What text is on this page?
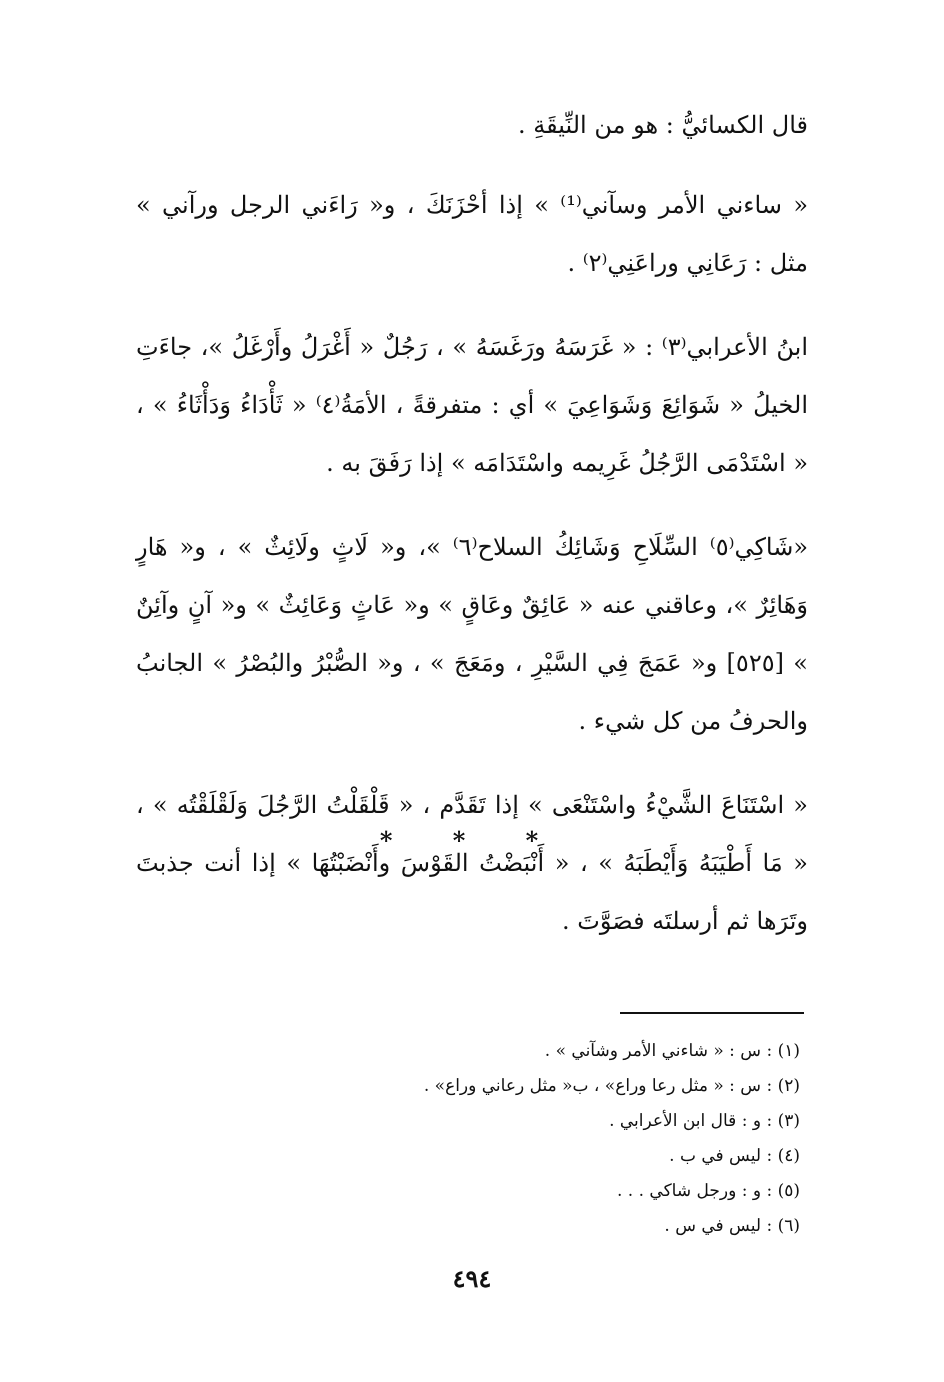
قال الكسائيُّ : هو من النِّيقَةِ .

« ساءني الأمر وسآني⁽¹⁾ » إذا أحْزَنَكَ ، و« رَاءَني الرجل ورآني » مثل : رَعَانِي وراعَنِي⁽٢⁾ .

ابنُ الأعرابي⁽٣⁾ : « غَرَسَهُ ورَغَسَهُ » ، رَجُلٌ « أَغْرَلُ وأَرْغَلُ »، جاءَتِ الخيلُ « شَوَائِعَ وَشَوَاعِيَ » أي : متفرقةً ، الأمَةُ⁽٤⁾ « ثَأْدَاءُ وَدَأْثَاءُ » ، « اسْتَدْمَى الرَّجُلُ غَرِيمه واسْتَدَامَه » إذا رَفَقَ به .

«شَاكِي⁽٥⁾ السِّلَاحِ وَشَائِكُ السلاح⁽٦⁾ »، و« لَاثٍ ولَائِثٌ » ، و« هَارٍ وَهَائِرٌ »، وعاقني عنه « عَائِقٌ وعَاقٍ » و« عَاثٍ وَعَائِثٌ » و« آنٍ وآئِنٌ » [٥٢٥] و« عَمَجَ فِي السَّيْرِ ، ومَعَجَ » ، و« الصُّبْرُ والبُصْرُ » الجانبُ والحرفُ من كل شيء .

« اسْتَنَاعَ الشَّيْءُ واسْتَنْعَى » إذا تَقَدَّم ، « قَلْقَلْتُ الرَّجُلَ وَلَقْلَقْتُه » ، « مَا أَطْيَبَهُ وَأَيْطَبَهُ » ، « أَنْبَضْتُ القَوْسَ وأَنْضَبْتُهَا » إذا أنت جذبتَ وتَرَها ثم أرسلتَه فصَوَّتَ .

* * *
(١) : س : « شاءني الأمر وشآني » .
(٢) : س : « مثل رعا وراع» ، ب« مثل رعاني وراع» .
(٣) : و : قال ابن الأعرابي .
(٤) : ليس في ب .
(٥) : و : ورجل شاكي . . .
(٦) : ليس في س .
٤٩٤
